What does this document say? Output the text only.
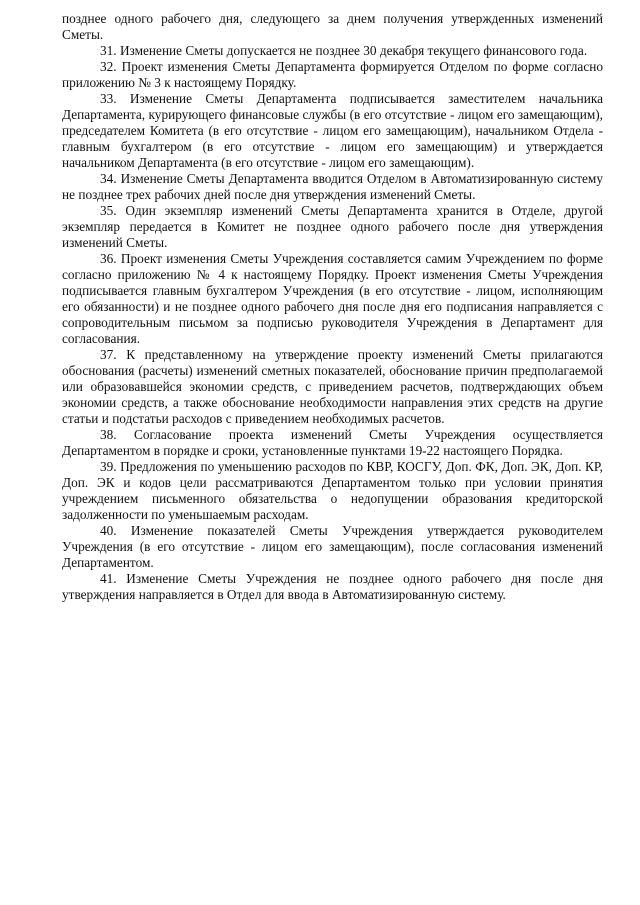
позднее одного рабочего дня, следующего за днем получения утвержденных изменений Сметы.

31. Изменение Сметы допускается не позднее 30 декабря текущего финансового года.

32. Проект изменения Сметы Департамента формируется Отделом по форме согласно приложению № 3 к настоящему Порядку.

33. Изменение Сметы Департамента подписывается заместителем начальника Департамента, курирующего финансовые службы (в его отсутствие - лицом его замещающим), председателем Комитета (в его отсутствие - лицом его замещающим), начальником Отдела - главным бухгалтером (в его отсутствие - лицом его замещающим) и утверждается начальником Департамента (в его отсутствие - лицом его замещающим).

34. Изменение Сметы Департамента вводится Отделом в Автоматизированную систему не позднее трех рабочих дней после дня утверждения изменений Сметы.

35. Один экземпляр изменений Сметы Департамента хранится в Отделе, другой экземпляр передается в Комитет не позднее одного рабочего после дня утверждения изменений Сметы.

36. Проект изменения Сметы Учреждения составляется самим Учреждением по форме согласно приложению № 4 к настоящему Порядку. Проект изменения Сметы Учреждения подписывается главным бухгалтером Учреждения (в его отсутствие - лицом, исполняющим его обязанности) и не позднее одного рабочего дня после дня его подписания направляется с сопроводительным письмом за подписью руководителя Учреждения в Департамент для согласования.

37. К представленному на утверждение проекту изменений Сметы прилагаются обоснования (расчеты) изменений сметных показателей, обоснование причин предполагаемой или образовавшейся экономии средств, с приведением расчетов, подтверждающих объем экономии средств, а также обоснование необходимости направления этих средств на другие статьи и подстатьи расходов с приведением необходимых расчетов.

38. Согласование проекта изменений Сметы Учреждения осуществляется Департаментом в порядке и сроки, установленные пунктами 19-22 настоящего Порядка.

39. Предложения по уменьшению расходов по КВР, КОСГУ, Доп. ФК, Доп. ЭК, Доп. КР, Доп. ЭК и кодов цели рассматриваются Департаментом только при условии принятия учреждением письменного обязательства о недопущении образования кредиторской задолженности по уменьшаемым расходам.

40. Изменение показателей Сметы Учреждения утверждается руководителем Учреждения (в его отсутствие - лицом его замещающим), после согласования изменений Департаментом.

41. Изменение Сметы Учреждения не позднее одного рабочего дня после дня утверждения направляется в Отдел для ввода в Автоматизированную систему.
